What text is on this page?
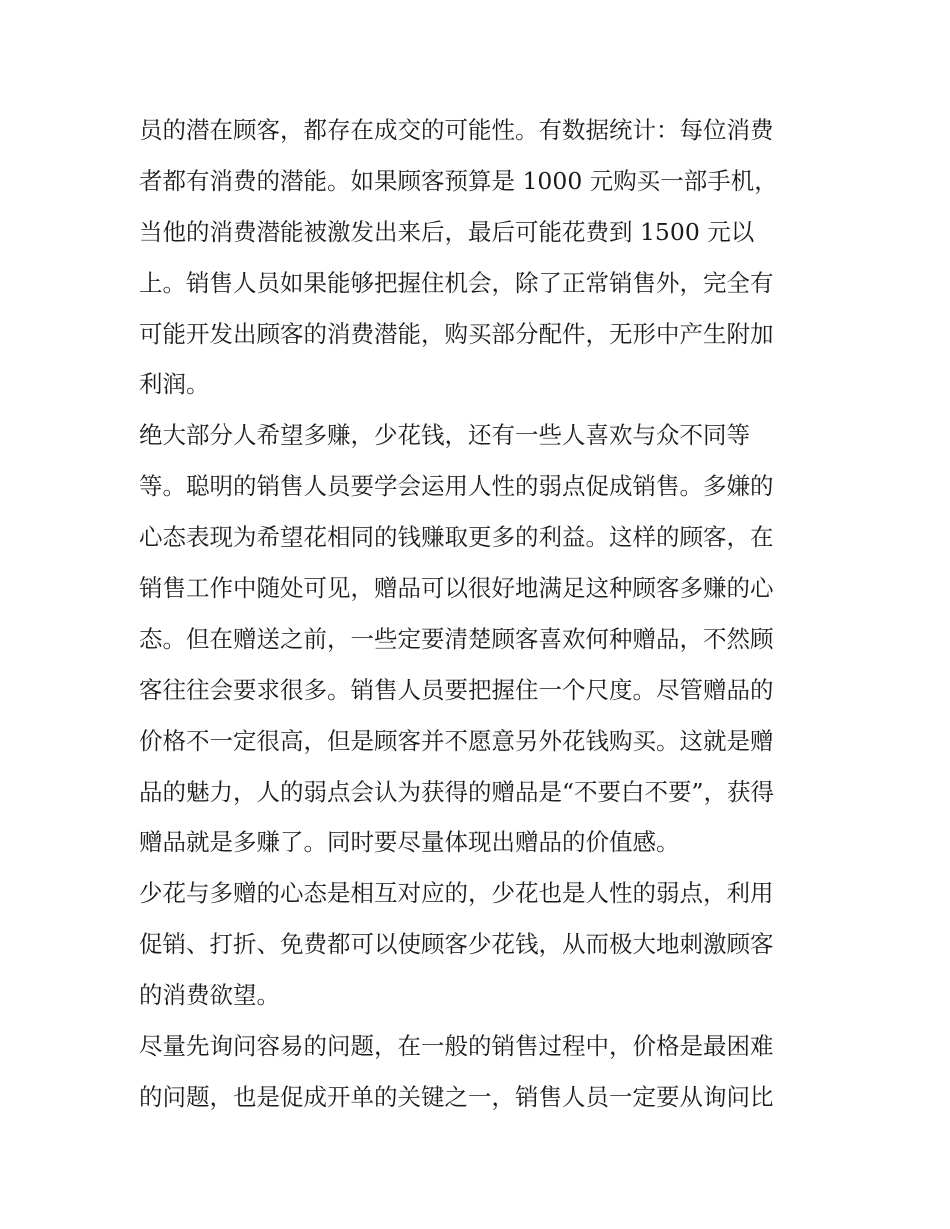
员的潜在顾客，都存在成交的可能性。有数据统计：每位消费
者都有消费的潜能。如果顾客预算是 1000 元购买一部手机，
当他的消费潜能被激发出来后，最后可能花费到 1500 元以
上。销售人员如果能够把握住机会，除了正常销售外，完全有
可能开发出顾客的消费潜能，购买部分配件，无形中产生附加
利润。
绝大部分人希望多赚，少花钱，还有一些人喜欢与众不同等
等。聪明的销售人员要学会运用人性的弱点促成销售。多嫌的
心态表现为希望花相同的钱赚取更多的利益。这样的顾客，在
销售工作中随处可见，赠品可以很好地满足这种顾客多赚的心
态。但在赠送之前，一些定要清楚顾客喜欢何种赠品，不然顾
客往往会要求很多。销售人员要把握住一个尺度。尽管赠品的
价格不一定很高，但是顾客并不愿意另外花钱购买。这就是赠
品的魅力，人的弱点会认为获得的赠品是“不要白不要”，获得
赠品就是多赚了。同时要尽量体现出赠品的价值感。
少花与多赠的心态是相互对应的，少花也是人性的弱点，利用
促销、打折、免费都可以使顾客少花钱，从而极大地刺激顾客
的消费欲望。
尽量先询问容易的问题，在一般的销售过程中，价格是最困难
的问题，也是促成开单的关键之一，销售人员一定要从询问比
